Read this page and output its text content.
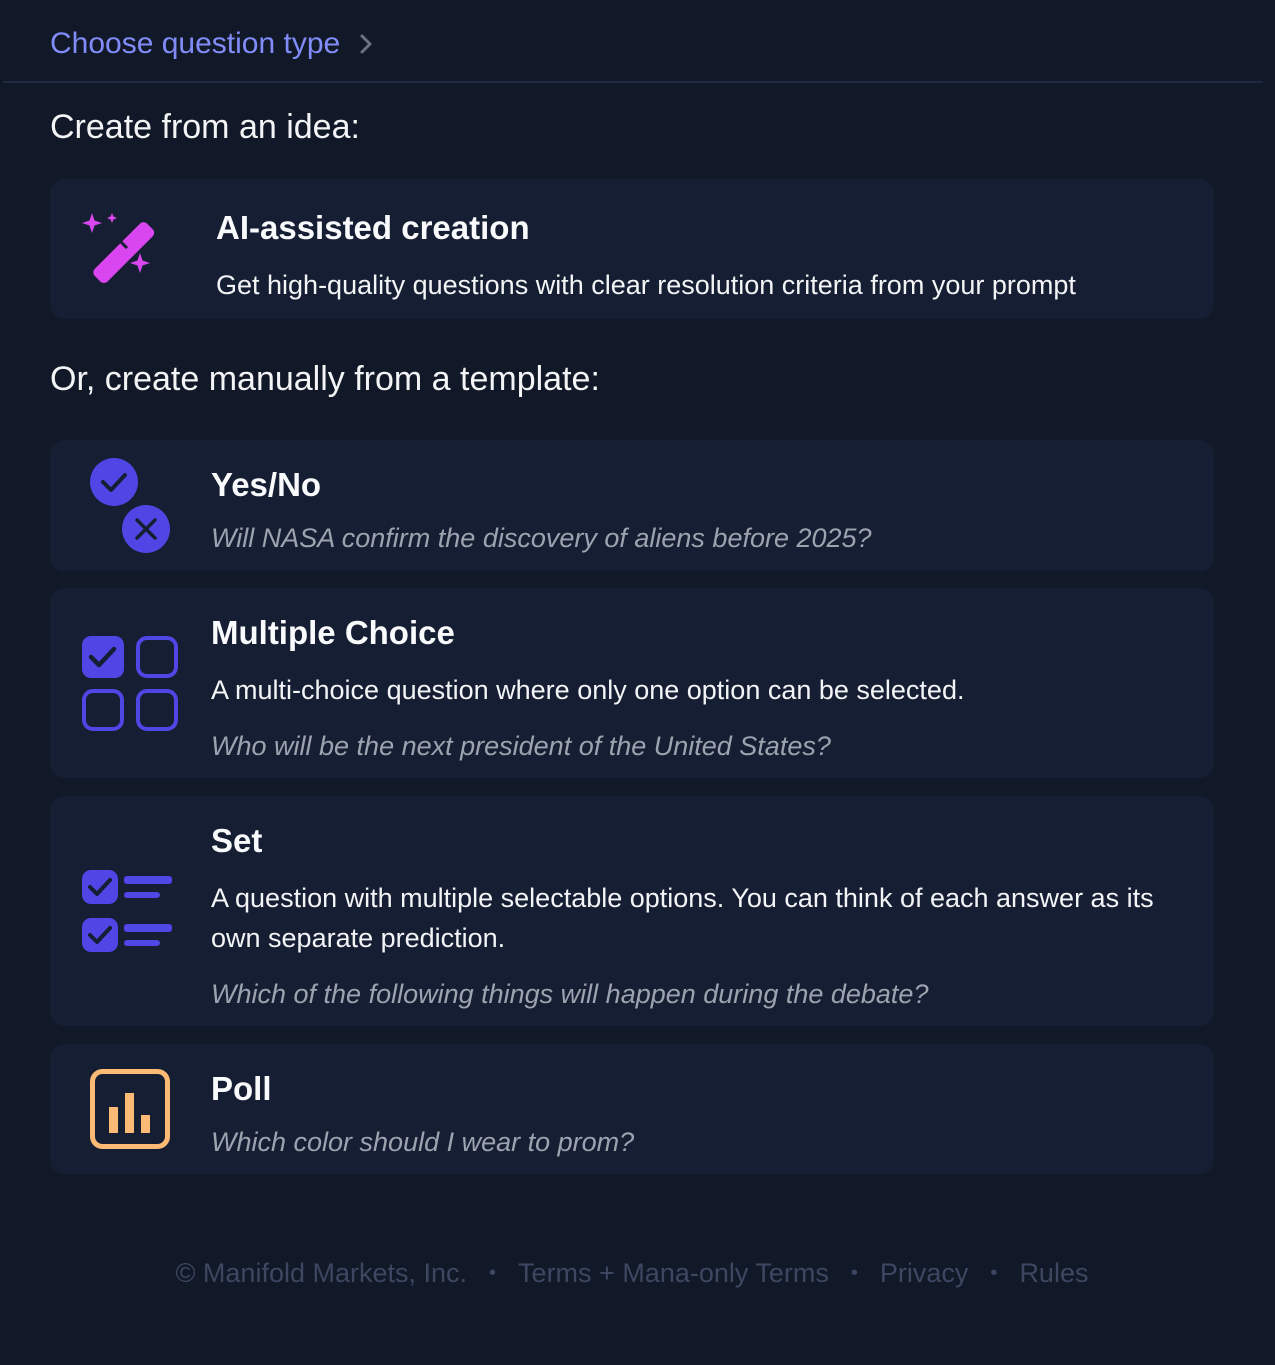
Choose question type
Create from an idea:
AI-assisted creation
Get high-quality questions with clear resolution criteria from your prompt
Or, create manually from a template:
Yes/No
Will NASA confirm the discovery of aliens before 2025?
Multiple Choice
A multi-choice question where only one option can be selected.
Who will be the next president of the United States?
Set
A question with multiple selectable options. You can think of each answer as its own separate prediction.
Which of the following things will happen during the debate?
Poll
Which color should I wear to prom?
© Manifold Markets, Inc. • Terms + Mana-only Terms • Privacy • Rules
